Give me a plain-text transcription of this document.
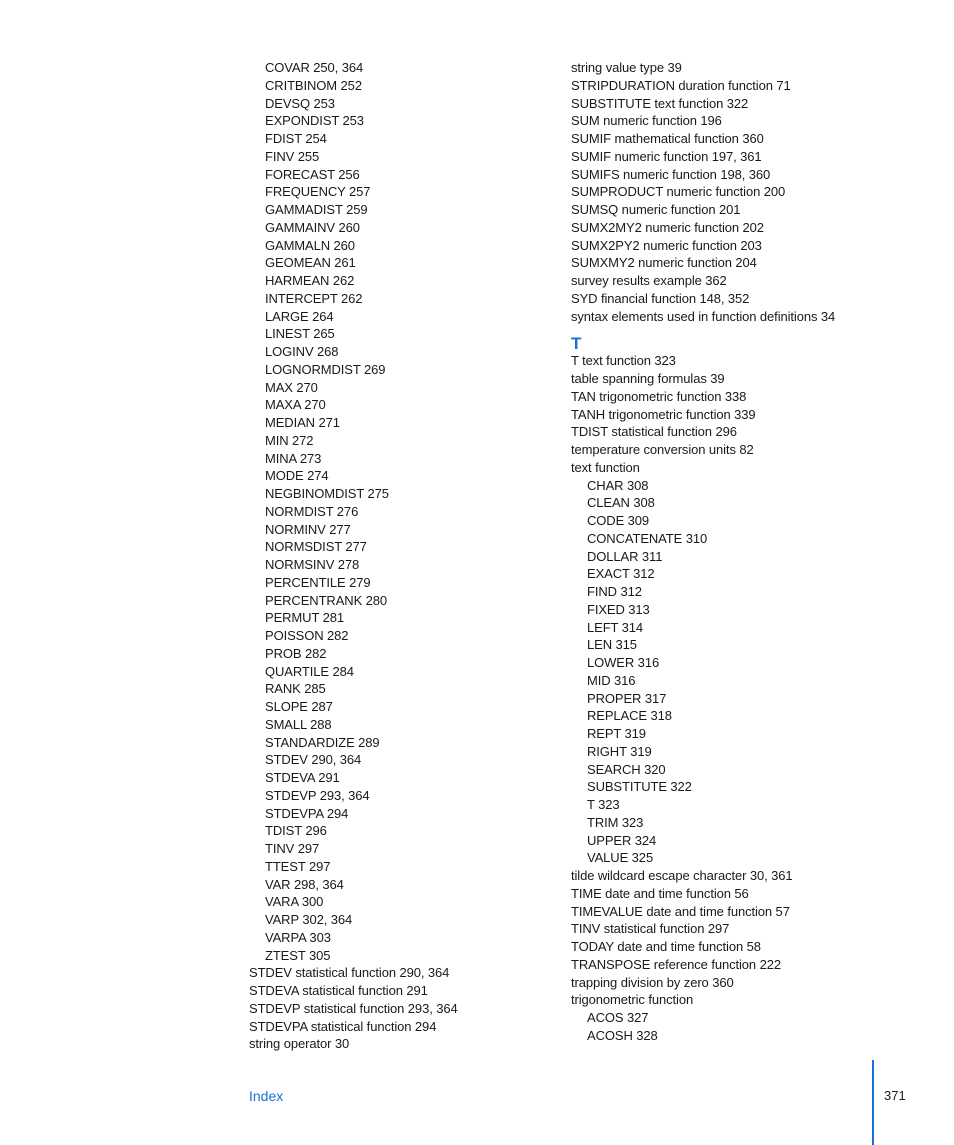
COVAR 250, 364
CRITBINOM 252
DEVSQ 253
EXPONDIST 253
FDIST 254
FINV 255
FORECAST 256
FREQUENCY 257
GAMMADIST 259
GAMMAINV 260
GAMMALN 260
GEOMEAN 261
HARMEAN 262
INTERCEPT 262
LARGE 264
LINEST 265
LOGINV 268
LOGNORMDIST 269
MAX 270
MAXA 270
MEDIAN 271
MIN 272
MINA 273
MODE 274
NEGBINOMDIST 275
NORMDIST 276
NORMINV 277
NORMSDIST 277
NORMSINV 278
PERCENTILE 279
PERCENTRANK 280
PERMUT 281
POISSON 282
PROB 282
QUARTILE 284
RANK 285
SLOPE 287
SMALL 288
STANDARDIZE 289
STDEV 290, 364
STDEVA 291
STDEVP 293, 364
STDEVPA 294
TDIST 296
TINV 297
TTEST 297
VAR 298, 364
VARA 300
VARP 302, 364
VARPA 303
ZTEST 305
STDEV statistical function 290, 364
STDEVA statistical function 291
STDEVP statistical function 293, 364
STDEVPA statistical function 294
string operator 30
string value type 39
STRIPDURATION duration function 71
SUBSTITUTE text function 322
SUM numeric function 196
SUMIF mathematical function 360
SUMIF numeric function 197, 361
SUMIFS numeric function 198, 360
SUMPRODUCT numeric function 200
SUMSQ numeric function 201
SUMX2MY2 numeric function 202
SUMX2PY2 numeric function 203
SUMXMY2 numeric function 204
survey results example 362
SYD financial function 148, 352
syntax elements used in function definitions 34
T
T text function 323
table spanning formulas 39
TAN trigonometric function 338
TANH trigonometric function 339
TDIST statistical function 296
temperature conversion units 82
text function
CHAR 308
CLEAN 308
CODE 309
CONCATENATE 310
DOLLAR 311
EXACT 312
FIND 312
FIXED 313
LEFT 314
LEN 315
LOWER 316
MID 316
PROPER 317
REPLACE 318
REPT 319
RIGHT 319
SEARCH 320
SUBSTITUTE 322
T 323
TRIM 323
UPPER 324
VALUE 325
tilde wildcard escape character 30, 361
TIME date and time function 56
TIMEVALUE date and time function 57
TINV statistical function 297
TODAY date and time function 58
TRANSPOSE reference function 222
trapping division by zero 360
trigonometric function
ACOS 327
ACOSH 328
Index	371
